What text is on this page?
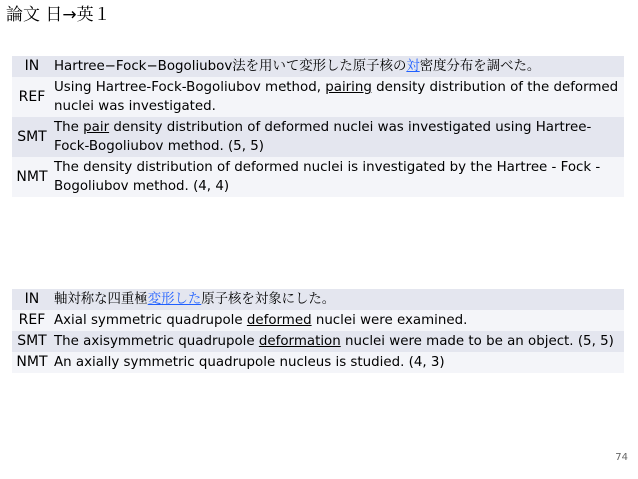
論文 日→英１
IN	Hartree−Fock−Bogoliubov法を用いて変形した原子核の対密度分布を調べた。
REF	Using Hartree-Fock-Bogoliubov method, pairing density distribution of the deformed nuclei was investigated.
SMT	The pair density distribution of deformed nuclei was investigated using Hartree-Fock-Bogoliubov method. (5, 5)
NMT	The density distribution of deformed nuclei is investigated by the Hartree - Fock - Bogoliubov method. (4, 4)
IN	軸対称な四重極変形した原子核を対象にした。
REF	Axial symmetric quadrupole deformed nuclei were examined.
SMT	The axisymmetric quadrupole deformation nuclei were made to be an object. (5, 5)
NMT	An axially symmetric quadrupole nucleus is studied. (4, 3)
74
